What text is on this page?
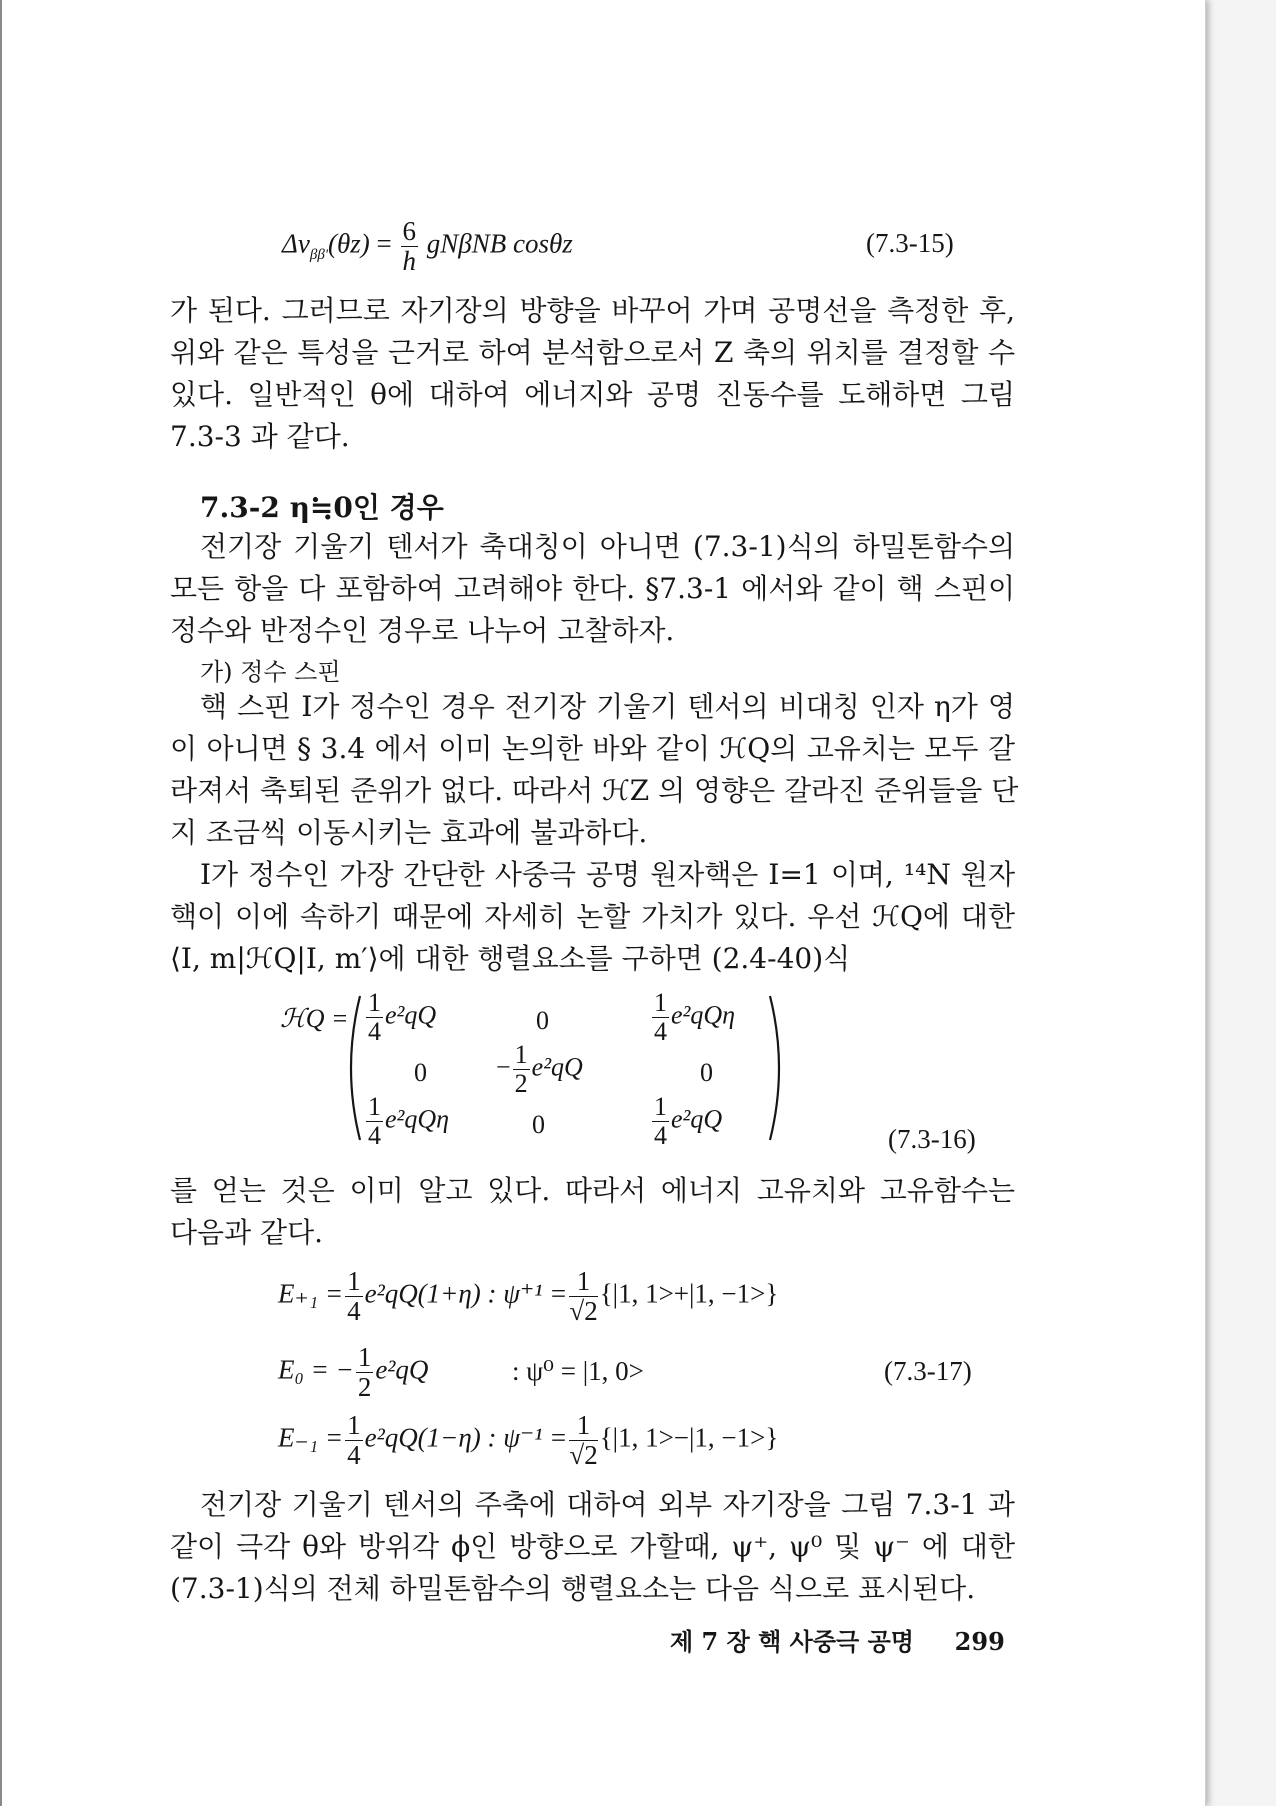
$\Delta\nu_{\beta\beta'}(\theta z) = \frac{6}{h}$ gNβNB cosθz	(7.3-15)
가 된다. 그러므로 자기장의 방향을 바꾸어 가며 공명선을 측정한 후,
위와 같은 특성을 근거로 하여 분석함으로서 Z 축의 위치를 결정할 수
있다. 일반적인 θ에 대하여 에너지와 공명 진동수를 도해하면 그림
7.3-3 과 같다.
7.3-2 η≒0인 경우
전기장 기울기 텐서가 축대칭이 아니면 (7.3-1)식의 하밀톤함수의
모든 항을 다 포함하여 고려해야 한다. §7.3-1 에서와 같이 핵 스핀이
정수와 반정수인 경우로 나누어 고찰하자.
가) 정수 스핀
핵 스핀 I가 정수인 경우 전기장 기울기 텐서의 비대칭 인자 η가 영
이 아니면 § 3.4 에서 이미 논의한 바와 같이 ℋQ의 고유치는 모두 갈
라져서 축퇴된 준위가 없다. 따라서 ℋZ 의 영향은 갈라진 준위들을 단
지 조금씩 이동시키는 효과에 불과하다.
I가 정수인 가장 간단한 사중극 공명 원자핵은 I=1 이며, ¹⁴N 원자
핵이 이에 속하기 때문에 자세히 논할 가치가 있다. 우선 ℋQ에 대한
⟨I, m|ℋQ|I, m′⟩에 대한 행렬요소를 구하면 (2.4-40)식
ℋQ = $\frac{1}{4} e^2qQ$	0	$\frac{1}{4} e^2qQ\eta$
0	− $\frac{1}{2} e^2qQ$	0
$\frac{1}{4} e^2qQ\eta$	0	$\frac{1}{4} e^2qQ$
(7.3-16)
를 얻는 것은 이미 알고 있다. 따라서 에너지 고유치와 고유함수는
다음과 같다.
$E_{+1} = \frac{1}{4} e^2qQ(1+\eta)$ : $\psi^{+1} = \frac{1}{√2} \{|1$, 1>+|1, −1>}
E₀ = − $\frac{1}{2} e^2qQ$	: ψ⁰ = |1, 0>	(7.3-17)
$E_{-1} = \frac{1}{4} e^2qQ(1-\eta)$ : $\psi^{-1} = \frac{1}{√2} \{|1$, 1>−|1, −1>}
전기장 기울기 텐서의 주축에 대하여 외부 자기장을 그림 7.3-1 과
같이 극각 θ와 방위각 ϕ인 방향으로 가할때, ψ⁺, ψ⁰ 및 ψ⁻ 에 대한
(7.3-1)식의 전체 하밀톤함수의 행렬요소는 다음 식으로 표시된다.
제 7 장 핵 사중극 공명 299
